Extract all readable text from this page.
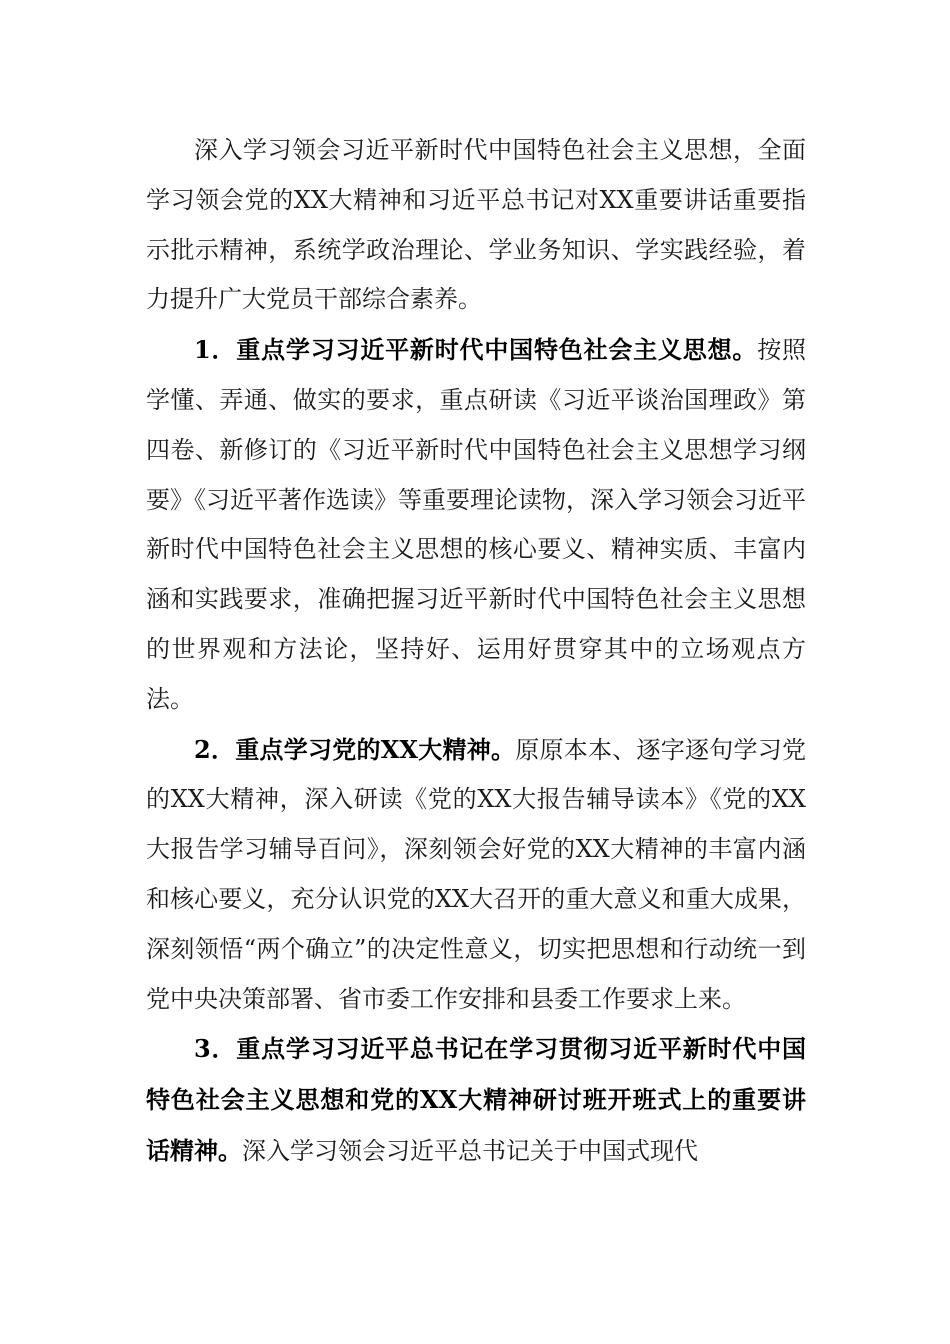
深入学习领会习近平新时代中国特色社会主义思想，全面学习领会党的XX大精神和习近平总书记对XX重要讲话重要指示批示精神，系统学政治理论、学业务知识、学实践经验，着力提升广大党员干部综合素养。

1．重点学习习近平新时代中国特色社会主义思想。按照学懂、弄通、做实的要求，重点研读《习近平谈治国理政》第四卷、新修订的《习近平新时代中国特色社会主义思想学习纲要》《习近平著作选读》等重要理论读物，深入学习领会习近平新时代中国特色社会主义思想的核心要义、精神实质、丰富内涵和实践要求，准确把握习近平新时代中国特色社会主义思想的世界观和方法论，坚持好、运用好贯穿其中的立场观点方法。

2．重点学习党的XX大精神。原原本本、逐字逐句学习党的XX大精神，深入研读《党的XX大报告辅导读本》《党的XX大报告学习辅导百问》，深刻领会好党的XX大精神的丰富内涵和核心要义，充分认识党的XX大召开的重大意义和重大成果，深刻领悟“两个确立”的决定性意义，切实把思想和行动统一到党中央决策部署、省市委工作安排和县委工作要求上来。

3．重点学习习近平总书记在学习贯彻习近平新时代中国特色社会主义思想和党的XX大精神研讨班开班式上的重要讲话精神。深入学习领会习近平总书记关于中国式现代
